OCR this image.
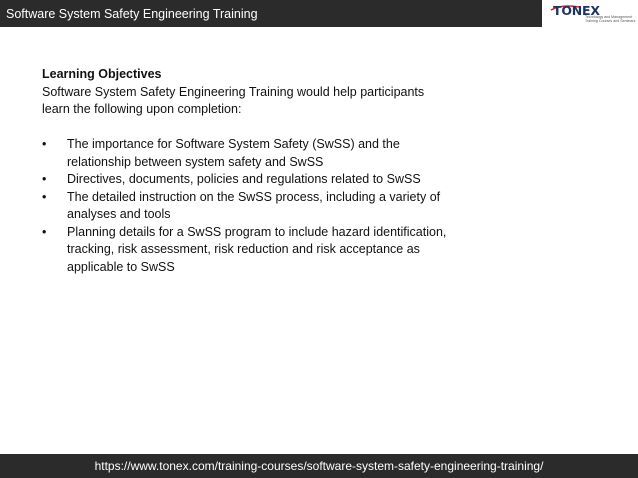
Software System Safety Engineering Training	TONEX
Technology and Management
Training Courses and Seminars
Learning Objectives
Software System Safety Engineering Training would help participants learn the following upon completion:
• The importance for Software System Safety (SwSS) and the relationship between system safety and SwSS
• Directives, documents, policies and regulations related to SwSS
• The detailed instruction on the SwSS process, including a variety of analyses and tools
• Planning details for a SwSS program to include hazard identification, tracking, risk assessment, risk reduction and risk acceptance as applicable to SwSS
https://www.tonex.com/training-courses/software-system-safety-engineering-training/
